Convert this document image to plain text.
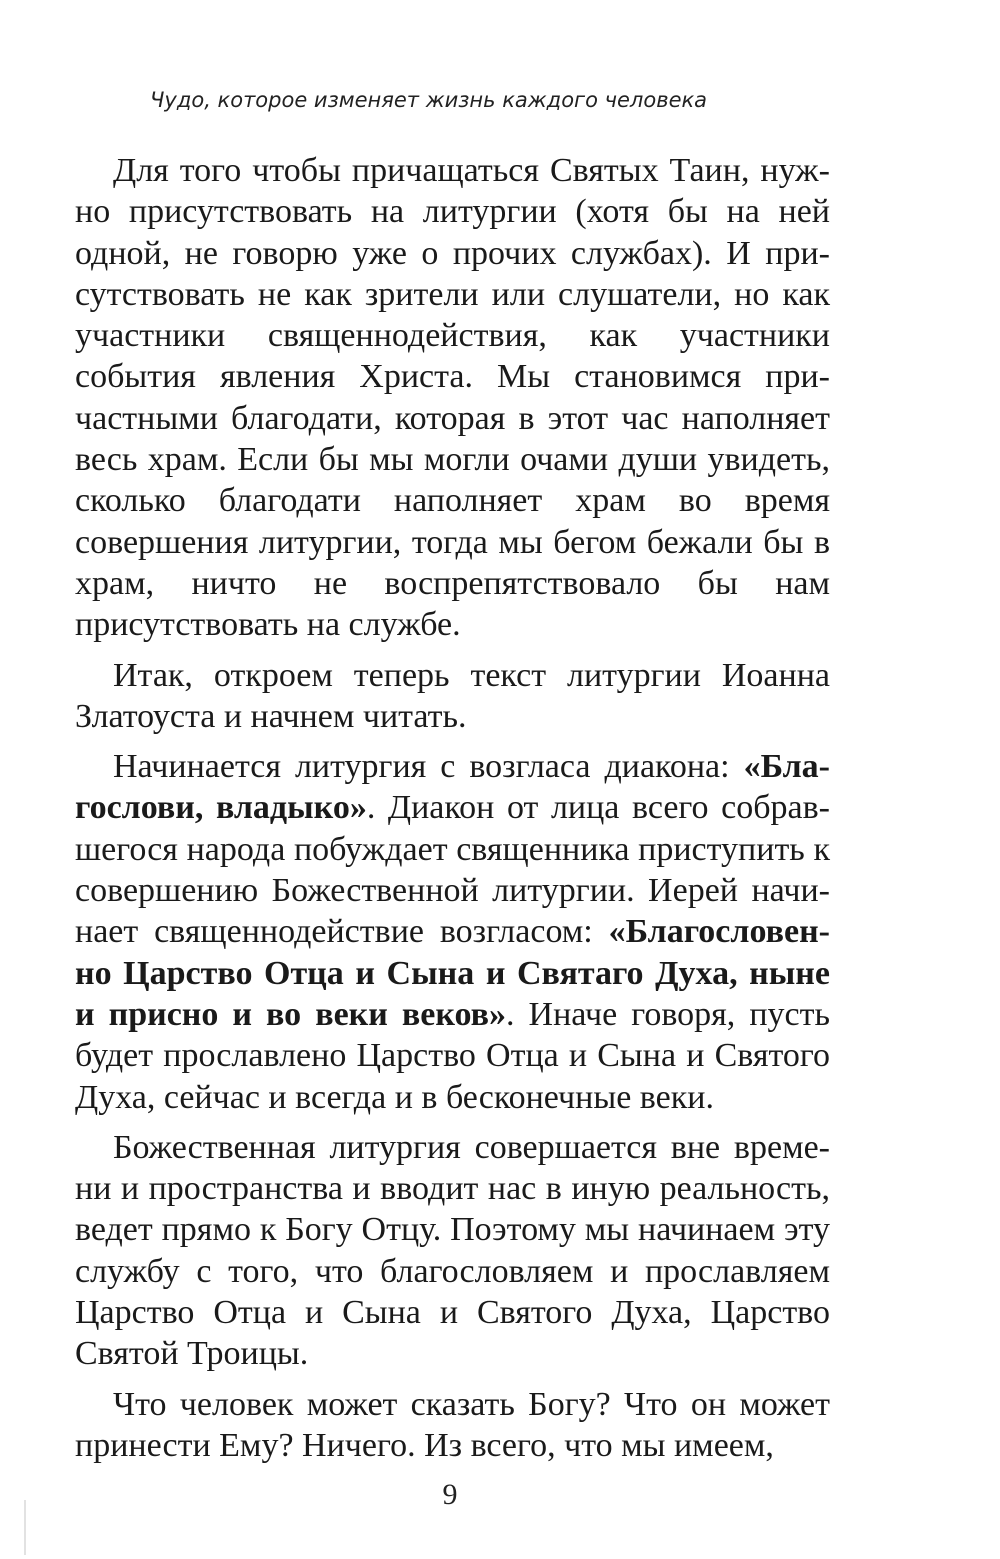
Чудо, которое изменяет жизнь каждого человека

Для того чтобы причащаться Святых Таин, нужно присутствовать на литургии (хотя бы на ней одной, не говорю уже о прочих службах). И присутствовать не как зрители или слушатели, но как участники священнодействия, как участники события явления Христа. Мы становимся причастными благодати, которая в этот час наполняет весь храм. Если бы мы могли очами души увидеть, сколько благодати наполняет храм во время совершения литургии, тогда мы бегом бежали бы в храм, ничто не воспрепятствовало бы нам присутствовать на службе.

Итак, откроем теперь текст литургии Иоанна Златоуста и начнем читать.

Начинается литургия с возгласа диакона: «Благослови, владыко». Диакон от лица всего собравшегося народа побуждает священника приступить к совершению Божественной литургии. Иерей начинает священнодействие возгласом: «Благословенно Царство Отца и Сына и Святаго Духа, ныне и присно и во веки веков». Иначе говоря, пусть будет прославлено Царство Отца и Сына и Святого Духа, сейчас и всегда и в бесконечные веки.

Божественная литургия совершается вне времени и пространства и вводит нас в иную реальность, ведет прямо к Богу Отцу. Поэтому мы начинаем эту службу с того, что благословляем и прославляем Царство Отца и Сына и Святого Духа, Царство Святой Троицы.

Что человек может сказать Богу? Что он может принести Ему? Ничего. Из всего, что мы имеем,

9
